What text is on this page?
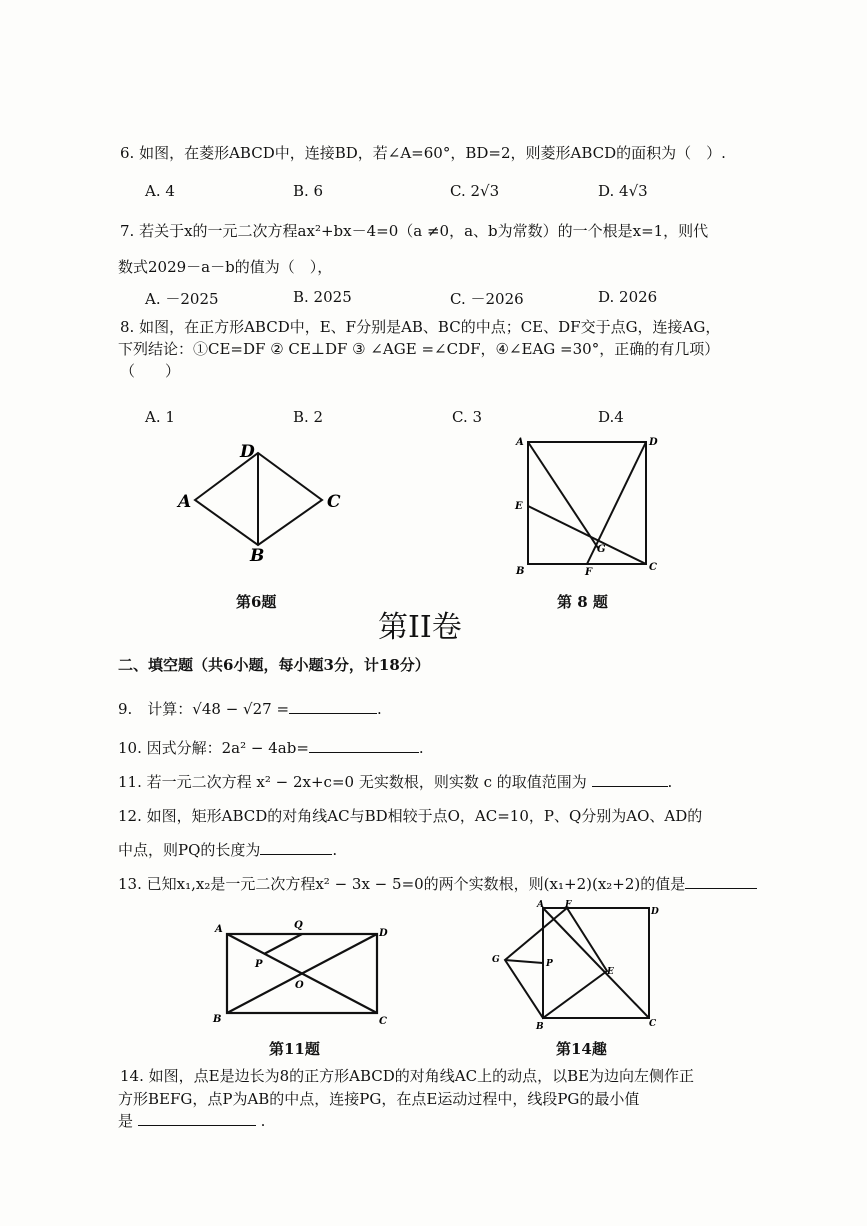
6. 如图，在菱形ABCD中，连接BD，若∠A=60°，BD=2，则菱形ABCD的面积为（　）.
A. 4	B. 6	C. 2√3	D. 4√3
7. 若关于x的一元二次方程ax²+bx－4=0（a ≠0，a、b为常数）的一个根是x=1，则代
数式2029－a－b的值为（　），
A. －2025	B. 2025	C. －2026	D. 2026
8. 如图，在正方形ABCD中，E、F分别是AB、BC的中点；CE、DF交于点G，连接AG，
下列结论：①CE=DF ② CE⊥DF ③ ∠AGE =∠CDF，④∠EAG =30°，正确的有几项）
（　　）
A. 1	B. 2	C. 3	D.4
D
A	C
B
第6题
A	D
E
G
B	C
F
第 8 题
第II卷
二、填空题（共6小题，每小题3分，计18分）
9.　计算：√48 − √27 =	.
10. 因式分解：2a² − 4ab=	.
11. 若一元二次方程 x² − 2x+c=0 无实数根，则实数 c 的取值范围为	.
12. 如图，矩形ABCD的对角线AC与BD相较于点O，AC=10，P、Q分别为AO、AD的
中点，则PQ的长度为	.
13. 已知x₁,x₂是一元二次方程x² − 3x − 5=0的两个实数根，则(x₁+2)(x₂+2)的值是
A	Q
D
P
O
B	C
第11题
A F
D
G	P
E
B	C
第14趣
14. 如图，点E是边长为8的正方形ABCD的对角线AC上的动点，以BE为边向左侧作正
方形BEFG，点P为AB的中点，连接PG，在点E运动过程中，线段PG的最小值
是	.
